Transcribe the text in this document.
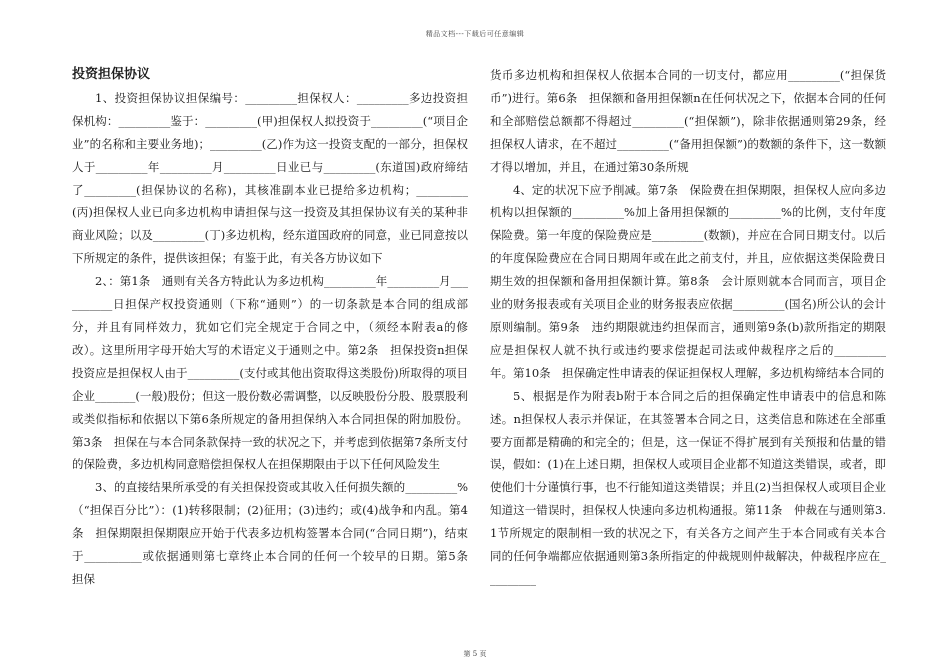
精品文档---下载后可任意编辑
投资担保协议

1、投资担保协议担保编号：_________担保权人：_________多边投资担保机构：_________鉴于：_________(甲)担保权人拟投资于_________(“项目企业”的名称和主要业务地)；_________(乙)作为这一投资支配的一部分，担保权人于_________年_________月_________日业已与_________(东道国)政府缔结了_________(担保协议的名称)，其核准副本业已提给多边机构；_________(丙)担保权人业已向多边机构申请担保与这一投资及其担保协议有关的某种非商业风险；以及_________(丁)多边机构，经东道国政府的同意，业已同意按以下所规定的条件，提供该担保；有鉴于此，有关各方协议如下

2、：第1条　通则有关各方特此认为多边机构_________年_________月__________日担保产权投资通则（下称“通则”）的一切条款是本合同的组成部分，并且有同样效力，犹如它们完全规定于合同之中，（须经本附表a的修改）。这里所用字母开始大写的术语定义于通则之中。第2条　担保投资n担保投资应是担保权人由于_________(支付或其他出资取得这类股份)所取得的项目企业_______(一般)股份；但这一股份数必需调整，以反映股份分股、股票股利或类似指标和依据以下第6条所规定的备用担保纳入本合同担保的附加股份。第3条　担保在与本合同条款保持一致的状况之下，并考虑到依据第7条所支付的保险费，多边机构同意赔偿担保权人在担保期限由于以下任何风险发生

3、的直接结果所承受的有关担保投资或其收入任何损失额的_________%（“担保百分比”）：(1)转移限制；(2)征用；(3)违约；或(4)战争和内乱。第4条　担保期限担保期限应开始于代表多边机构签署本合同(“合同日期”)，结束于__________或依据通则第七章终止本合同的任何一个较早的日期。第5条　担保

货币多边机构和担保权人依据本合同的一切支付，都应用_________(“担保货币”)进行。第6条　担保额和备用担保额n在任何状况之下，依据本合同的任何和全部赔偿总额都不得超过_________(“担保额”)，除非依据通则第29条，经担保权人请求，在不超过_________(“备用担保额”)的数额的条件下，这一数额才得以增加，并且，在通过第30条所规

4、定的状况下应予削减。第7条　保险费在担保期限，担保权人应向多边机构以担保额的_________%加上备用担保额的_________%的比例，支付年度保险费。第一年度的保险费应是_________(数额)，并应在合同日期支付。以后的年度保险费应在合同日期周年或在此之前支付，并且，应依据这类保险费日期生效的担保额和备用担保额计算。第8条　会计原则就本合同而言，项目企业的财务报表或有关项目企业的财务报表应依据_________(国名)所公认的会计原则编制。第9条　违约期限就违约担保而言，通则第9条(b)款所指定的期限应是担保权人就不执行或违约要求偿提起司法或仲裁程序之后的_________年。第10条　担保确定性申请表的保证担保权人理解，多边机构缔结本合同的

5、根据是作为附表b附于本合同之后的担保确定性申请表中的信息和陈述。n担保权人表示并保证，在其签署本合同之日，这类信息和陈述在全部重要方面都是精确的和完全的；但是，这一保证不得扩展到有关预报和估量的错误，假如：(1)在上述日期，担保权人或项目企业都不知道这类错误，或者，即使他们十分谨慎行事，也不行能知道这类错误；并且(2)当担保权人或项目企业知道这一错误时，担保权人快速向多边机构通报。第11条　仲裁在与通则第3.1节所规定的限制相一致的状况之下，有关各方之间产生于本合同或有关本合同的任何争端都应依据通则第3条所指定的仲裁规则仲裁解决，仲裁程序应在_________

第 5 页
